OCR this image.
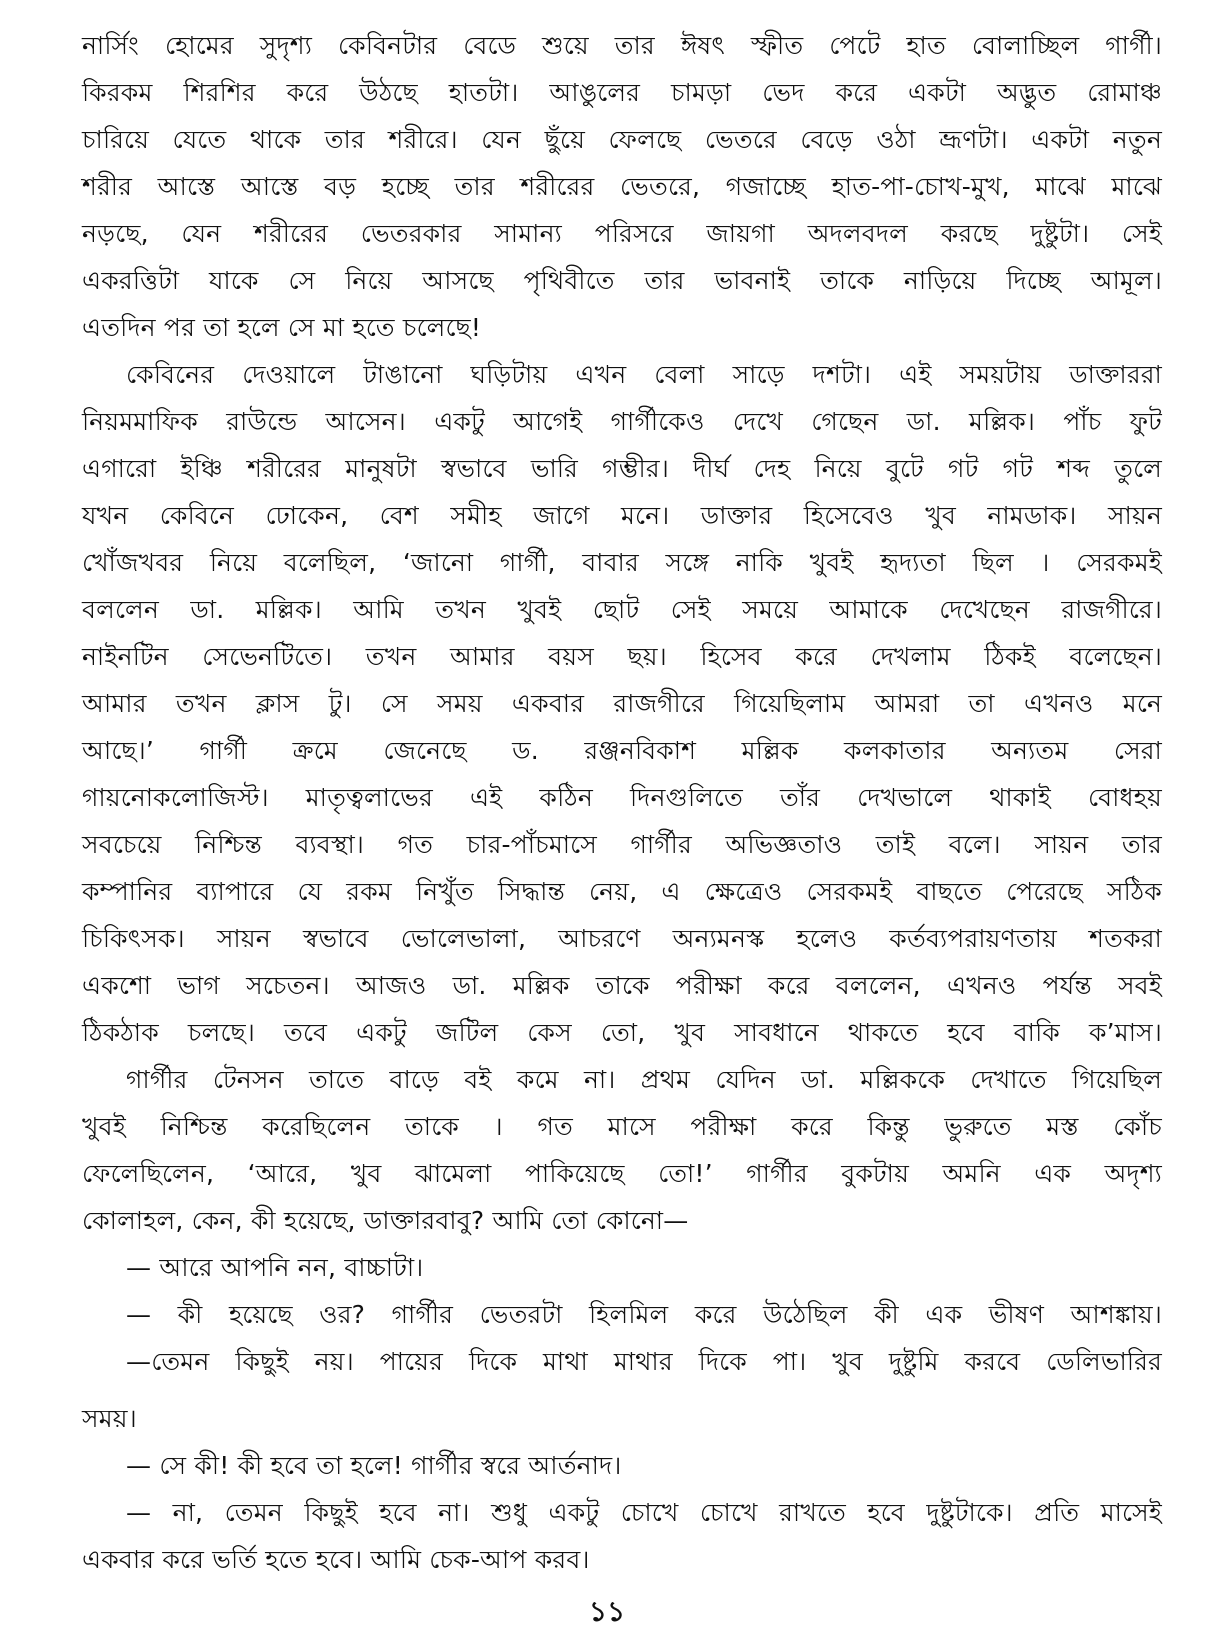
নার্সিং হোমের সুদৃশ্য কেবিনটার বেডে শুয়ে তার ঈষৎ স্ফীত পেটে হাত বোলাচ্ছিল গার্গী।
কিরকম শিরশির করে উঠছে হাতটা। আঙুলের চামড়া ভেদ করে একটা অদ্ভুত রোমাঞ্চ
চারিয়ে যেতে থাকে তার শরীরে। যেন ছুঁয়ে ফেলছে ভেতরে বেড়ে ওঠা ভ্রূণটা। একটা নতুন
শরীর আস্তে আস্তে বড় হচ্ছে তার শরীরের ভেতরে, গজাচ্ছে হাত-পা-চোখ-মুখ, মাঝে মাঝে
নড়ছে, যেন শরীরের ভেতরকার সামান্য পরিসরে জায়গা অদলবদল করছে দুষ্টুটা। সেই
একরত্তিটা যাকে সে নিয়ে আসছে পৃথিবীতে তার ভাবনাই তাকে নাড়িয়ে দিচ্ছে আমূল।
এতদিন পর তা হলে সে মা হতে চলেছে!
কেবিনের দেওয়ালে টাঙানো ঘড়িটায় এখন বেলা সাড়ে দশটা। এই সময়টায় ডাক্তাররা
নিয়মমাফিক রাউন্ডে আসেন। একটু আগেই গার্গীকেও দেখে গেছেন ডা. মল্লিক। পাঁচ ফুট
এগারো ইঞ্চি শরীরের মানুষটা স্বভাবে ভারি গম্ভীর। দীর্ঘ দেহ নিয়ে বুটে গট গট শব্দ তুলে
যখন কেবিনে ঢোকেন, বেশ সমীহ জাগে মনে। ডাক্তার হিসেবেও খুব নামডাক। সায়ন
খোঁজখবর নিয়ে বলেছিল, ‘জানো গার্গী, বাবার সঙ্গে নাকি খুবই হৃদ্যতা ছিল । সেরকমই
বললেন ডা. মল্লিক। আমি তখন খুবই ছোট সেই সময়ে আমাকে দেখেছেন রাজগীরে।
নাইনটিন সেভেনটিতে। তখন আমার বয়স ছয়। হিসেব করে দেখলাম ঠিকই বলেছেন।
আমার তখন ক্লাস টু। সে সময় একবার রাজগীরে গিয়েছিলাম আমরা তা এখনও মনে
আছে।’ গার্গী ক্রমে জেনেছে ড. রঞ্জনবিকাশ মল্লিক কলকাতার অন্যতম সেরা
গায়নোকলোজিস্ট। মাতৃত্বলাভের এই কঠিন দিনগুলিতে তাঁর দেখভালে থাকাই বোধহয়
সবচেয়ে নিশ্চিন্ত ব্যবস্থা। গত চার-পাঁচমাসে গার্গীর অভিজ্ঞতাও তাই বলে। সায়ন তার
কম্পানির ব্যাপারে যে রকম নিখুঁত সিদ্ধান্ত নেয়, এ ক্ষেত্রেও সেরকমই বাছতে পেরেছে সঠিক
চিকিৎসক। সায়ন স্বভাবে ভোলেভালা, আচরণে অন্যমনস্ক হলেও কর্তব্যপরায়ণতায় শতকরা
একশো ভাগ সচেতন। আজও ডা. মল্লিক তাকে পরীক্ষা করে বললেন, এখনও পর্যন্ত সবই
ঠিকঠাক চলছে। তবে একটু জটিল কেস তো, খুব সাবধানে থাকতে হবে বাকি ক’মাস।
গার্গীর টেনসন তাতে বাড়ে বই কমে না। প্রথম যেদিন ডা. মল্লিককে দেখাতে গিয়েছিল
খুবই নিশ্চিন্ত করেছিলেন তাকে । গত মাসে পরীক্ষা করে কিন্তু ভুরুতে মস্ত কোঁচ
ফেলেছিলেন, ‘আরে, খুব ঝামেলা পাকিয়েছে তো!’ গার্গীর বুকটায় অমনি এক অদৃশ্য
কোলাহল, কেন, কী হয়েছে, ডাক্তারবাবু? আমি তো কোনো—
— আরে আপনি নন, বাচ্চাটা।
— কী হয়েছে ওর? গার্গীর ভেতরটা হিলমিল করে উঠেছিল কী এক ভীষণ আশঙ্কায়।
—তেমন কিছুই নয়। পায়ের দিকে মাথা মাথার দিকে পা। খুব দুষ্টুমি করবে ডেলিভারির
সময়।
— সে কী! কী হবে তা হলে! গার্গীর স্বরে আর্তনাদ।
— না, তেমন কিছুই হবে না। শুধু একটু চোখে চোখে রাখতে হবে দুষ্টুটাকে। প্রতি মাসেই
একবার করে ভর্তি হতে হবে। আমি চেক-আপ করব।
১১
